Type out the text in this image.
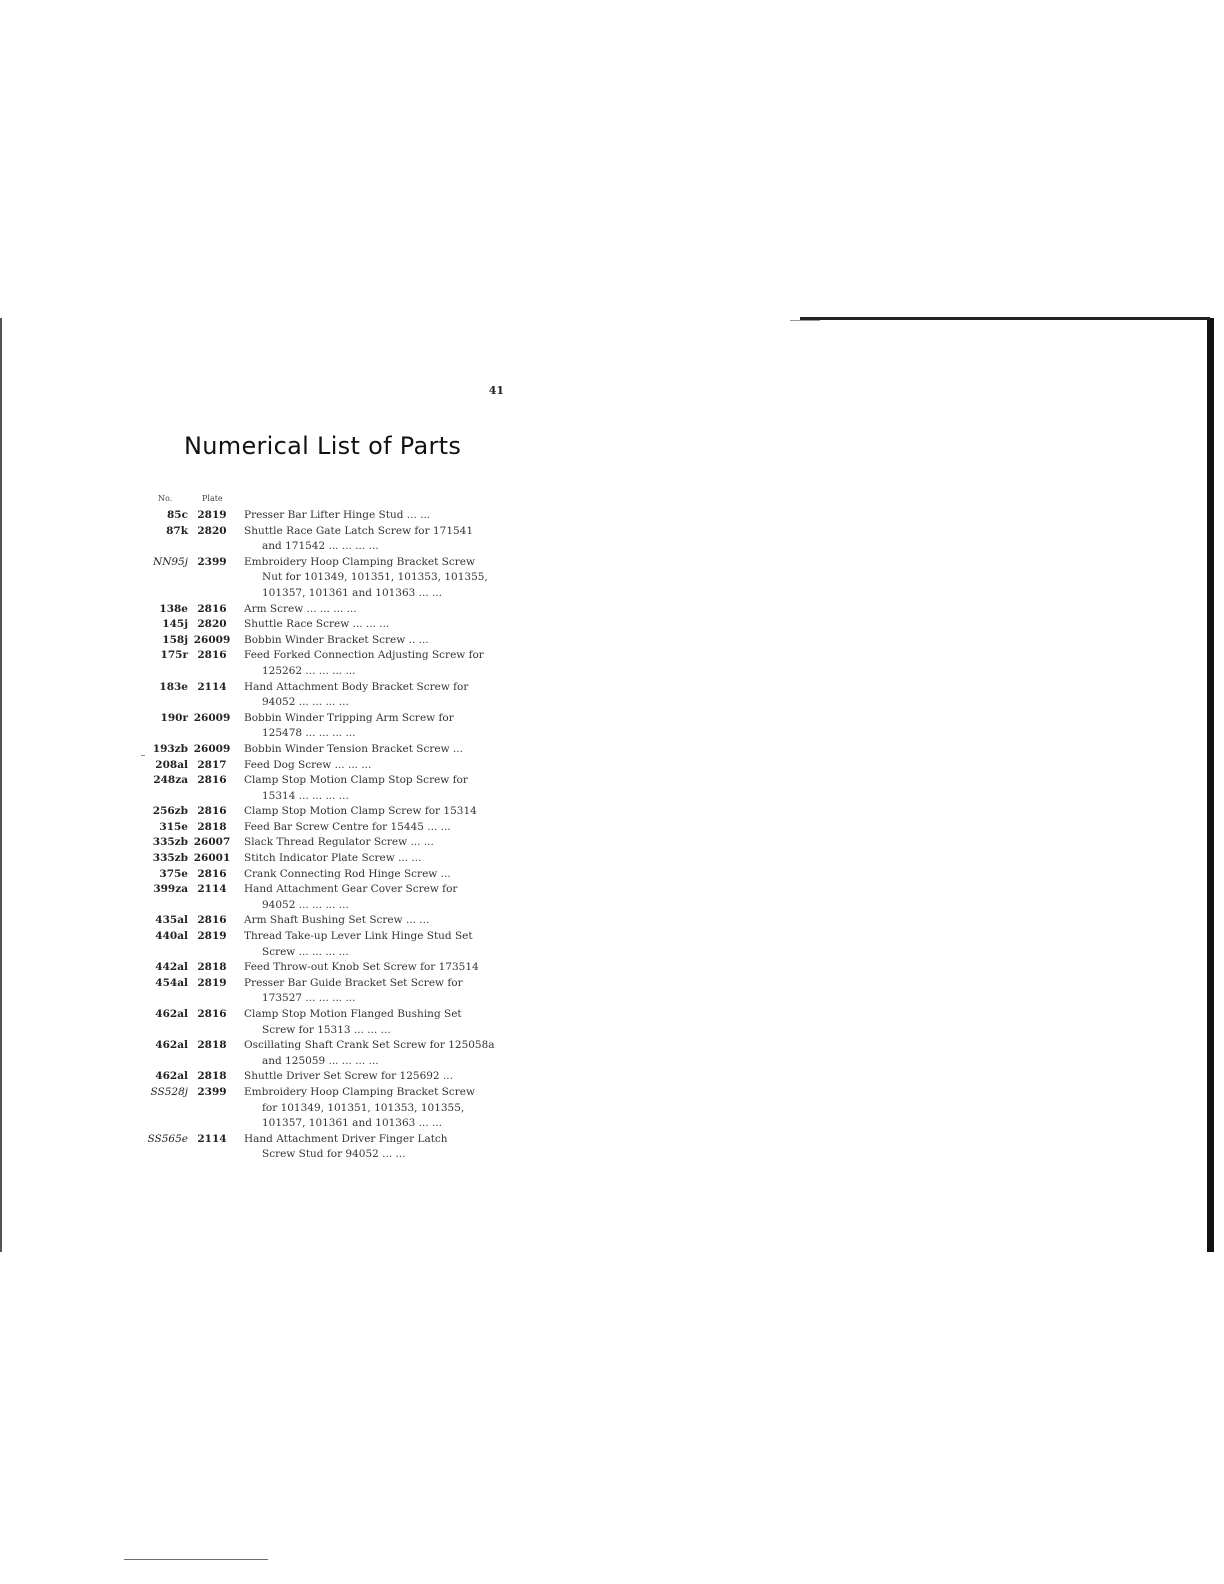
41
Numerical List of Parts
No.	Plate
85c 2819	Presser Bar Lifter Hinge Stud ... ...
87k 2820	Shuttle Race Gate Latch Screw for 171541
and 171542 ... ... ... ...
NN95j 2399	Embroidery Hoop Clamping Bracket Screw
Nut for 101349, 101351, 101353, 101355,
101357, 101361 and 101363 ... ...
138e 2816	Arm Screw ... ... ... ...
145j 2820	Shuttle Race Screw ... ... ...
158j 26009 Bobbin Winder Bracket Screw .. ...
175r 2816	Feed Forked Connection Adjusting Screw for
125262 ... ... ... ...
183e 2114	Hand Attachment Body Bracket Screw for
94052 ... ... ... ...
190r 26009 Bobbin Winder Tripping Arm Screw for
125478 ... ... ... ...
193zb 26009 Bobbin Winder Tension Bracket Screw ...
208al 2817	Feed Dog Screw ... ... ...
248za 2816	Clamp Stop Motion Clamp Stop Screw for
15314 ... ... ... ...
256zb 2816	Clamp Stop Motion Clamp Screw for 15314
315e 2818	Feed Bar Screw Centre for 15445 ... ...
335zb 26007 Slack Thread Regulator Screw ... ...
335zb 26001 Stitch Indicator Plate Screw ... ...
375e 2816	Crank Connecting Rod Hinge Screw ...
399za 2114	Hand Attachment Gear Cover Screw for
94052 ... ... ... ...
435al 2816	Arm Shaft Bushing Set Screw ... ...
440al 2819	Thread Take-up Lever Link Hinge Stud Set
Screw ... ... ... ...
442al 2818	Feed Throw-out Knob Set Screw for 173514
454al 2819	Presser Bar Guide Bracket Set Screw for
173527 ... ... ... ...
462al 2816	Clamp Stop Motion Flanged Bushing Set
Screw for 15313 ... ... ...
462al 2818	Oscillating Shaft Crank Set Screw for 125058a
and 125059 ... ... ... ...
462al 2818	Shuttle Driver Set Screw for 125692 ...
SS528j 2399	Embroidery Hoop Clamping Bracket Screw
for 101349, 101351, 101353, 101355,
101357, 101361 and 101363 ... ...
SS565e 2114	Hand Attachment Driver Finger Latch
Screw Stud for 94052 ... ...
